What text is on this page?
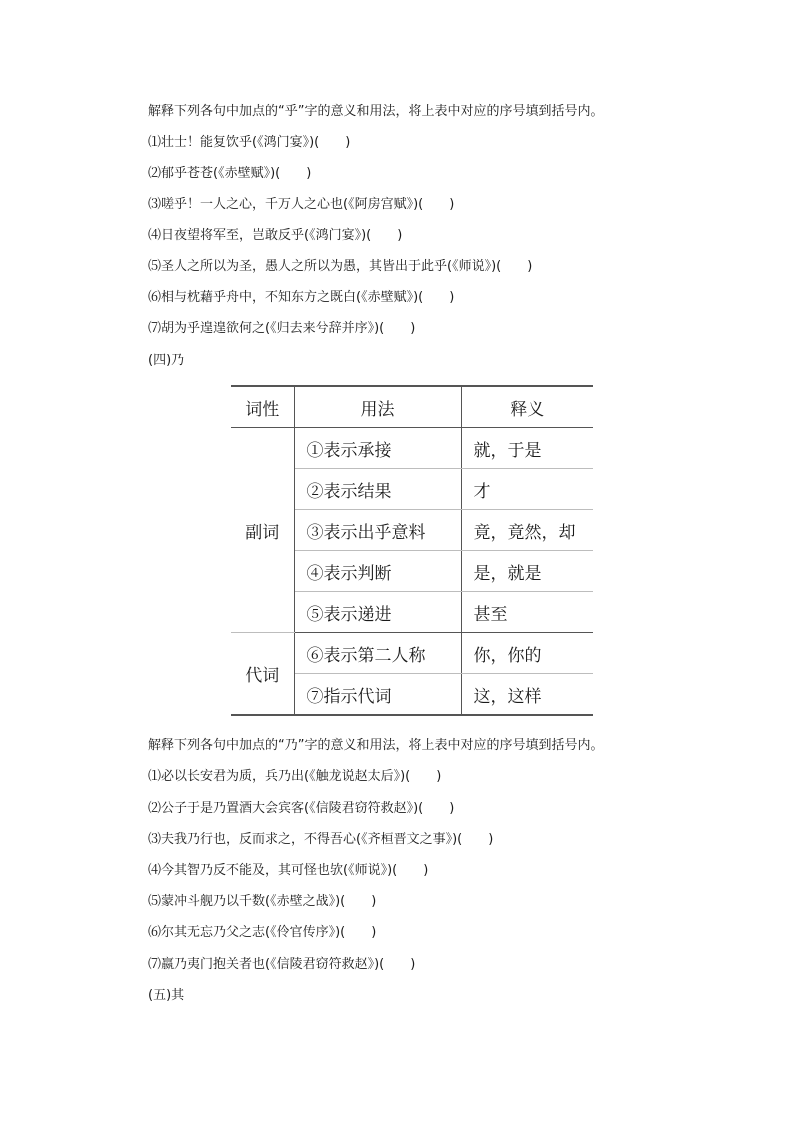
解释下列各句中加点的“乎”字的意义和用法，将上表中对应的序号填到括号内。
⑴壮士！能复饮乎(《鸿门宴》)(　　)
⑵郁乎苍苍(《赤壁赋》)(　　)
⑶嗟乎！一人之心，千万人之心也(《阿房宫赋》)(　　)
⑷日夜望将军至，岂敢反乎(《鸿门宴》)(　　)
⑸圣人之所以为圣，愚人之所以为愚，其皆出于此乎(《师说》)(　　)
⑹相与枕藉乎舟中，不知东方之既白(《赤壁赋》)(　　)
⑺胡为乎遑遑欲何之(《归去来兮辞并序》)(　　)
(四)乃
词性	用法	释义
副词	①表示承接	就，于是
	②表示结果	才
	③表示出乎意料	竟，竟然，却
	④表示判断	是，就是
	⑤表示递进	甚至
代词	⑥表示第二人称	你，你的
	⑦指示代词	这，这样
解释下列各句中加点的“乃”字的意义和用法，将上表中对应的序号填到括号内。
⑴必以长安君为质，兵乃出(《触龙说赵太后》)(　　)
⑵公子于是乃置酒大会宾客(《信陵君窃符救赵》)(　　)
⑶夫我乃行也，反而求之，不得吾心(《齐桓晋文之事》)(　　)
⑷今其智乃反不能及，其可怪也欤(《师说》)(　　)
⑸蒙冲斗舰乃以千数(《赤壁之战》)(　　)
⑹尔其无忘乃父之志(《伶官传序》)(　　)
⑺嬴乃夷门抱关者也(《信陵君窃符救赵》)(　　)
(五)其
